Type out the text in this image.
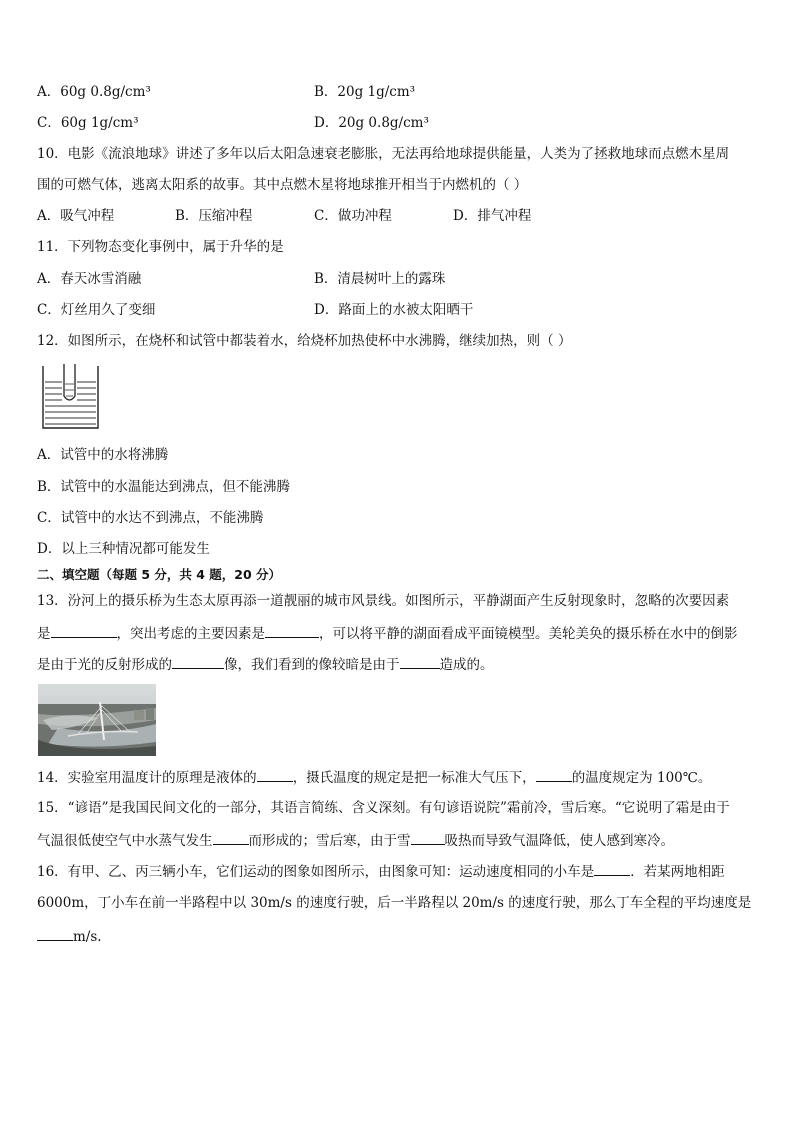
A．60g 0.8g/cm³	B．20g 1g/cm³
C．60g 1g/cm³	D．20g 0.8g/cm³
10．电影《流浪地球》讲述了多年以后太阳急速衰老膨胀，无法再给地球提供能量，人类为了拯救地球而点燃木星周
围的可燃气体，逃离太阳系的故事。其中点燃木星将地球推开相当于内燃机的（ ）
A．吸气冲程	B．压缩冲程	C．做功冲程	D．排气冲程
11．下列物态变化事例中，属于升华的是
A．春天冰雪消融	B．清晨树叶上的露珠
C．灯丝用久了变细	D．路面上的水被太阳晒干
12．如图所示，在烧杯和试管中都装着水，给烧杯加热使杯中水沸腾，继续加热，则（ ）
A．试管中的水将沸腾
B．试管中的水温能达到沸点，但不能沸腾
C．试管中的水达不到沸点，不能沸腾
D．以上三种情况都可能发生
二、填空题（每题 5 分，共 4 题，20 分）
13．汾河上的摄乐桥为生态太原再添一道靓丽的城市风景线。如图所示，平静湖面产生反射现象时，忽略的次要因素
是	，突出考虑的主要因素是	，可以将平静的湖面看成平面镜模型。美轮美奂的摄乐桥在水中的倒影
是由于光的反射形成的	像，我们看到的像较暗是由于	造成的。
14．实验室用温度计的原理是液体的	，摄氏温度的规定是把一标准大气压下，	的温度规定为 100℃。
15．“谚语”是我国民间文化的一部分，其语言简练、含义深刻。有句谚语说院”霜前冷，雪后寒。“它说明了霜是由于
气温很低使空气中水蒸气发生	而形成的；雪后寒，由于雪	吸热而导致气温降低，使人感到寒冷。
16．有甲、乙、丙三辆小车，它们运动的图象如图所示，由图象可知：运动速度相同的小车是	．若某两地相距
6000m，丁小车在前一半路程中以 30m/s 的速度行驶，后一半路程以 20m/s 的速度行驶，那么丁车全程的平均速度是
m/s.
